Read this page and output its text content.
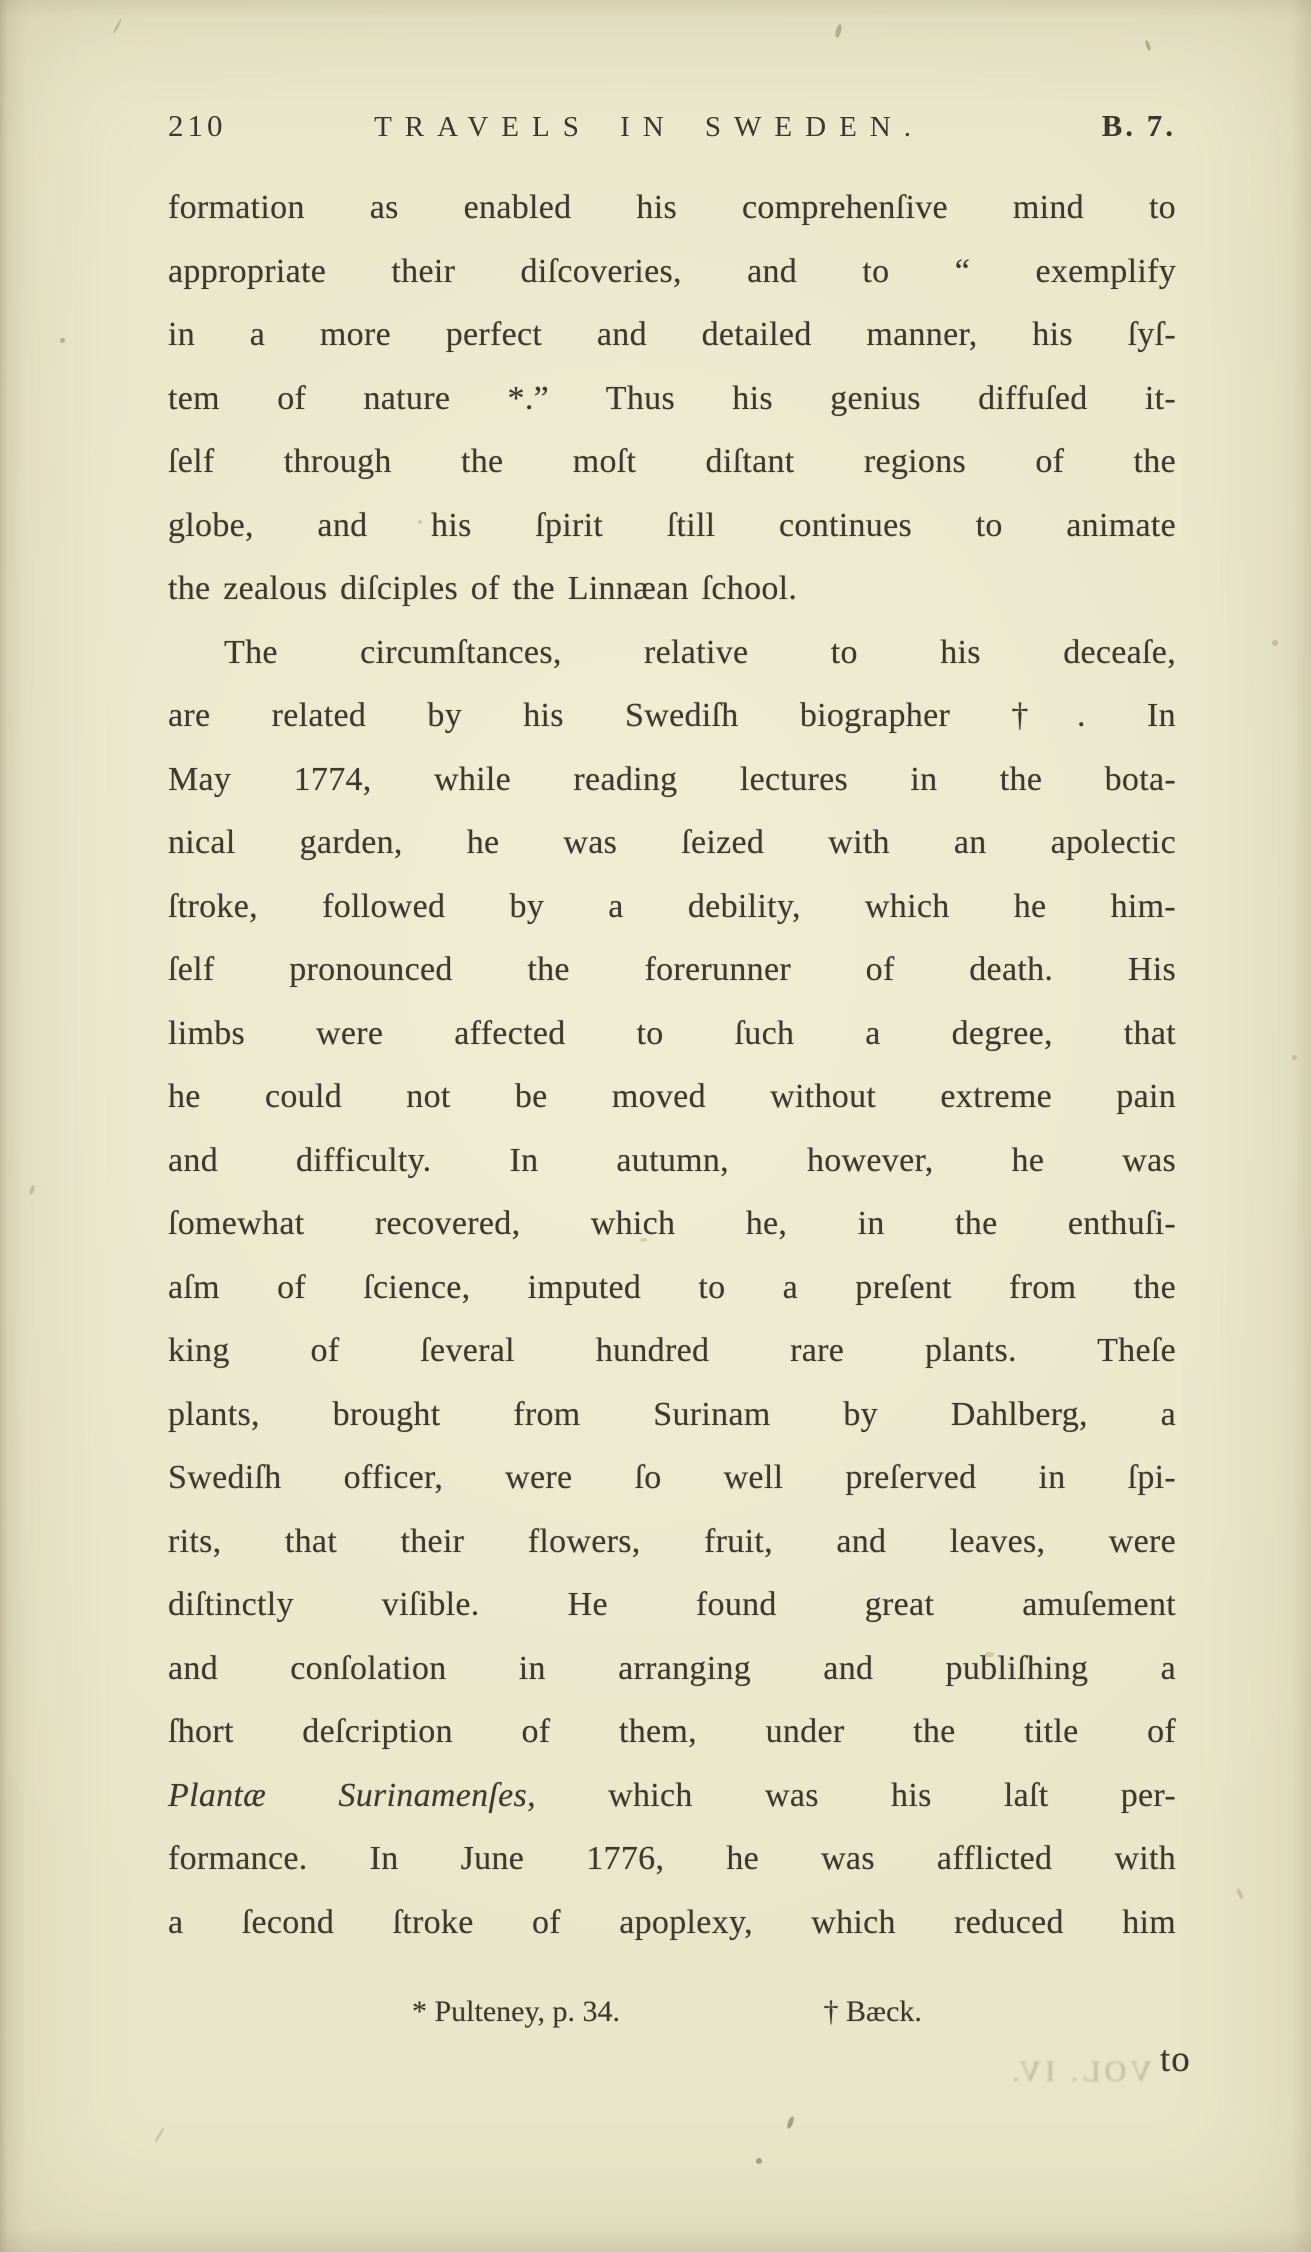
210	TRAVELS IN SWEDEN.	B. 7.
formation as enabled his comprehenſive mind to
appropriate their diſcoveries, and to “ exemplify
in a more perfect and detailed manner, his ſyſ-
tem of nature *.” Thus his genius diffuſed it-
ſelf through the moſt diſtant regions of the
globe, and his ſpirit ſtill continues to animate
the zealous diſciples of the Linnæan ſchool.
The circumſtances, relative to his deceaſe,
are related by his Swediſh biographer †. In
May 1774, while reading lectures in the bota-
nical garden, he was ſeized with an apolectic
ſtroke, followed by a debility, which he him-
ſelf pronounced the forerunner of death. His
limbs were affected to ſuch a degree, that
he could not be moved without extreme pain
and difficulty. In autumn, however, he was
ſomewhat recovered, which he, in the enthuſi-
aſm of ſcience, imputed to a preſent from the
king of ſeveral hundred rare plants. Theſe
plants, brought from Surinam by Dahlberg, a
Swediſh officer, were ſo well preſerved in ſpi-
rits, that their flowers, fruit, and leaves, were
diſtinctly viſible. He found great amuſement
and conſolation in arranging and publiſhing a
ſhort deſcription of them, under the title of
Plantæ Surinamenſes, which was his laſt per-
formance. In June 1776, he was afflicted with
a ſecond ſtroke of apoplexy, which reduced him
* Pulteney, p. 34.	† Bæck.
VOL. IV. to
